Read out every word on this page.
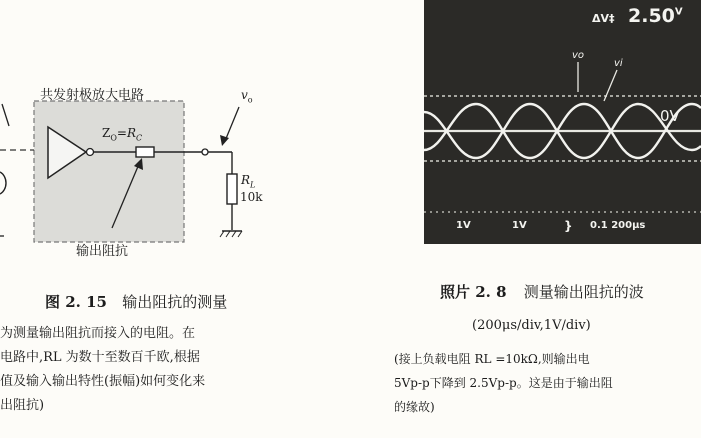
共发射极放大电路	$v_o$
$Z_O=R_C$
$R_L$
10k
输出阻抗
图 2. 15 输出阻抗的测量
为测量输出阻抗而接入的电阻。在
电路中,RL 为数十至数百千欧,根据
值及输入输出特性(振幅)如何变化来
出阻抗)
ΔV‡ $2.50^V$
vo
vi
0V
1V	1V	} 0.1 200μs
照片 2. 8 测量输出阻抗的波
(200μs/div,1V/div)
(接上负载电阻 RL =10kΩ,则输出电
5Vp-p下降到 2.5Vp-p。这是由于输出阻
的缘故)
